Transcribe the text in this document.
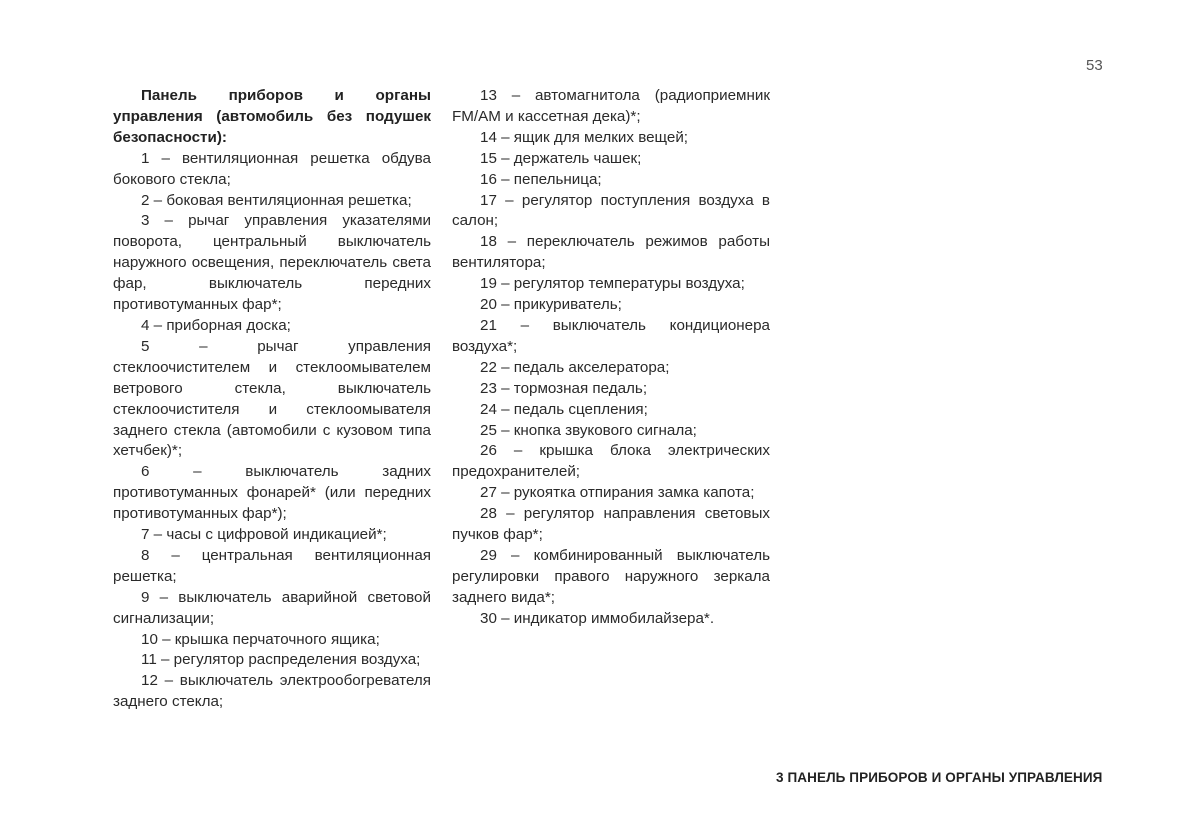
53

Панель приборов и органы управления (автомобиль без подушек безопасности):

1 – вентиляционная решетка обдува бокового стекла;

2 – боковая вентиляционная решетка;

3 – рычаг управления указателями поворота, центральный выключатель наружного освещения, переключатель света фар, выключатель передних противотуманных фар*;

4 – приборная доска;

5 – рычаг управления стеклоочистителем и стеклоомывателем ветрового стекла, выключатель стеклоочистителя и стеклоомывателя заднего стекла (автомобили с кузовом типа хетчбек)*;

6 – выключатель задних противотуманных фонарей* (или передних противотуманных фар*);

7 – часы с цифровой индикацией*;

8 – центральная вентиляционная решетка;

9 – выключатель аварийной световой сигнализации;

10 – крышка перчаточного ящика;

11 – регулятор распределения воздуха;

12 – выключатель электрообогревателя заднего стекла;

13 – автомагнитола (радиоприемник FM/AM и кассетная дека)*;

14 – ящик для мелких вещей;

15 – держатель чашек;

16 – пепельница;

17 – регулятор поступления воздуха в салон;

18 – переключатель режимов работы вентилятора;

19 – регулятор температуры воздуха;

20 – прикуриватель;

21 – выключатель кондиционера воздуха*;

22 – педаль акселератора;

23 – тормозная педаль;

24 – педаль сцепления;

25 – кнопка звукового сигнала;

26 – крышка блока электрических предохранителей;

27 – рукоятка отпирания замка капота;

28 – регулятор направления световых пучков фар*;

29 – комбинированный выключатель регулировки правого наружного зеркала заднего вида*;

30 – индикатор иммобилайзера*.

3 ПАНЕЛЬ ПРИБОРОВ И ОРГАНЫ УПРАВЛЕНИЯ
